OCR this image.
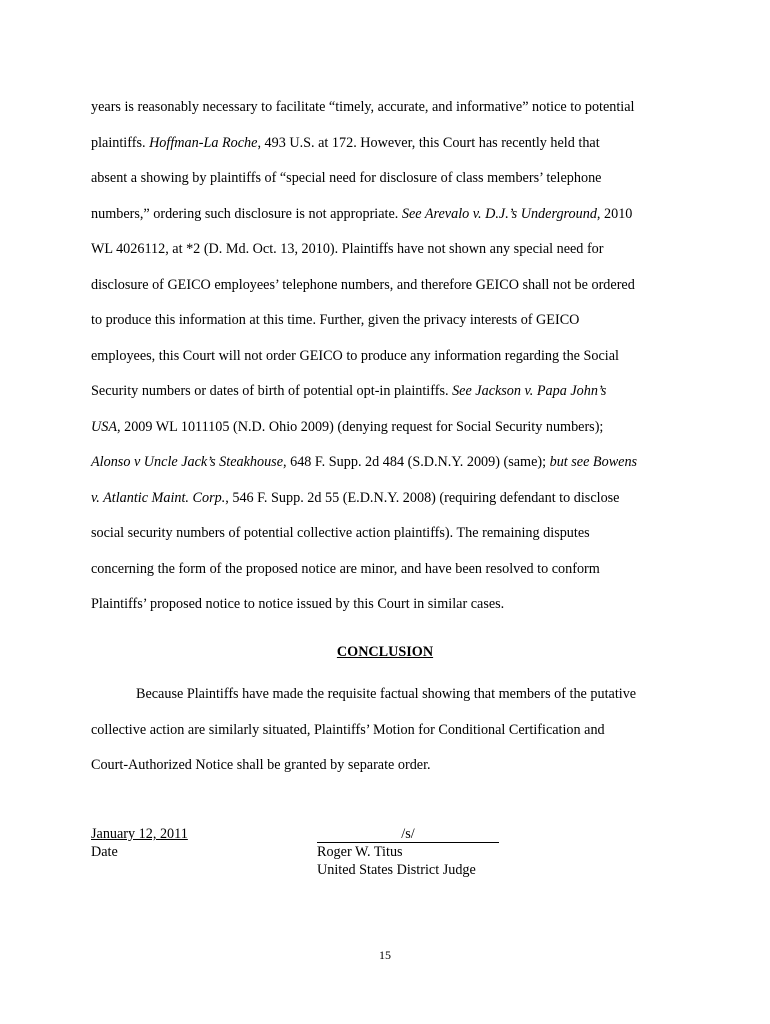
years is reasonably necessary to facilitate “timely, accurate, and informative” notice to potential
plaintiffs. Hoffman-La Roche, 493 U.S. at 172. However, this Court has recently held that
absent a showing by plaintiffs of “special need for disclosure of class members’ telephone
numbers,” ordering such disclosure is not appropriate. See Arevalo v. D.J.’s Underground, 2010
WL 4026112, at *2 (D. Md. Oct. 13, 2010). Plaintiffs have not shown any special need for
disclosure of GEICO employees’ telephone numbers, and therefore GEICO shall not be ordered
to produce this information at this time. Further, given the privacy interests of GEICO
employees, this Court will not order GEICO to produce any information regarding the Social
Security numbers or dates of birth of potential opt-in plaintiffs. See Jackson v. Papa John’s
USA, 2009 WL 1011105 (N.D. Ohio 2009) (denying request for Social Security numbers);
Alonso v Uncle Jack’s Steakhouse, 648 F. Supp. 2d 484 (S.D.N.Y. 2009) (same); but see Bowens
v. Atlantic Maint. Corp., 546 F. Supp. 2d 55 (E.D.N.Y. 2008) (requiring defendant to disclose
social security numbers of potential collective action plaintiffs). The remaining disputes
concerning the form of the proposed notice are minor, and have been resolved to conform
Plaintiffs’ proposed notice to notice issued by this Court in similar cases.
CONCLUSION
Because Plaintiffs have made the requisite factual showing that members of the putative
collective action are similarly situated, Plaintiffs’ Motion for Conditional Certification and
Court-Authorized Notice shall be granted by separate order.
January 12, 2011
Date
/s/
Roger W. Titus
United States District Judge
15
